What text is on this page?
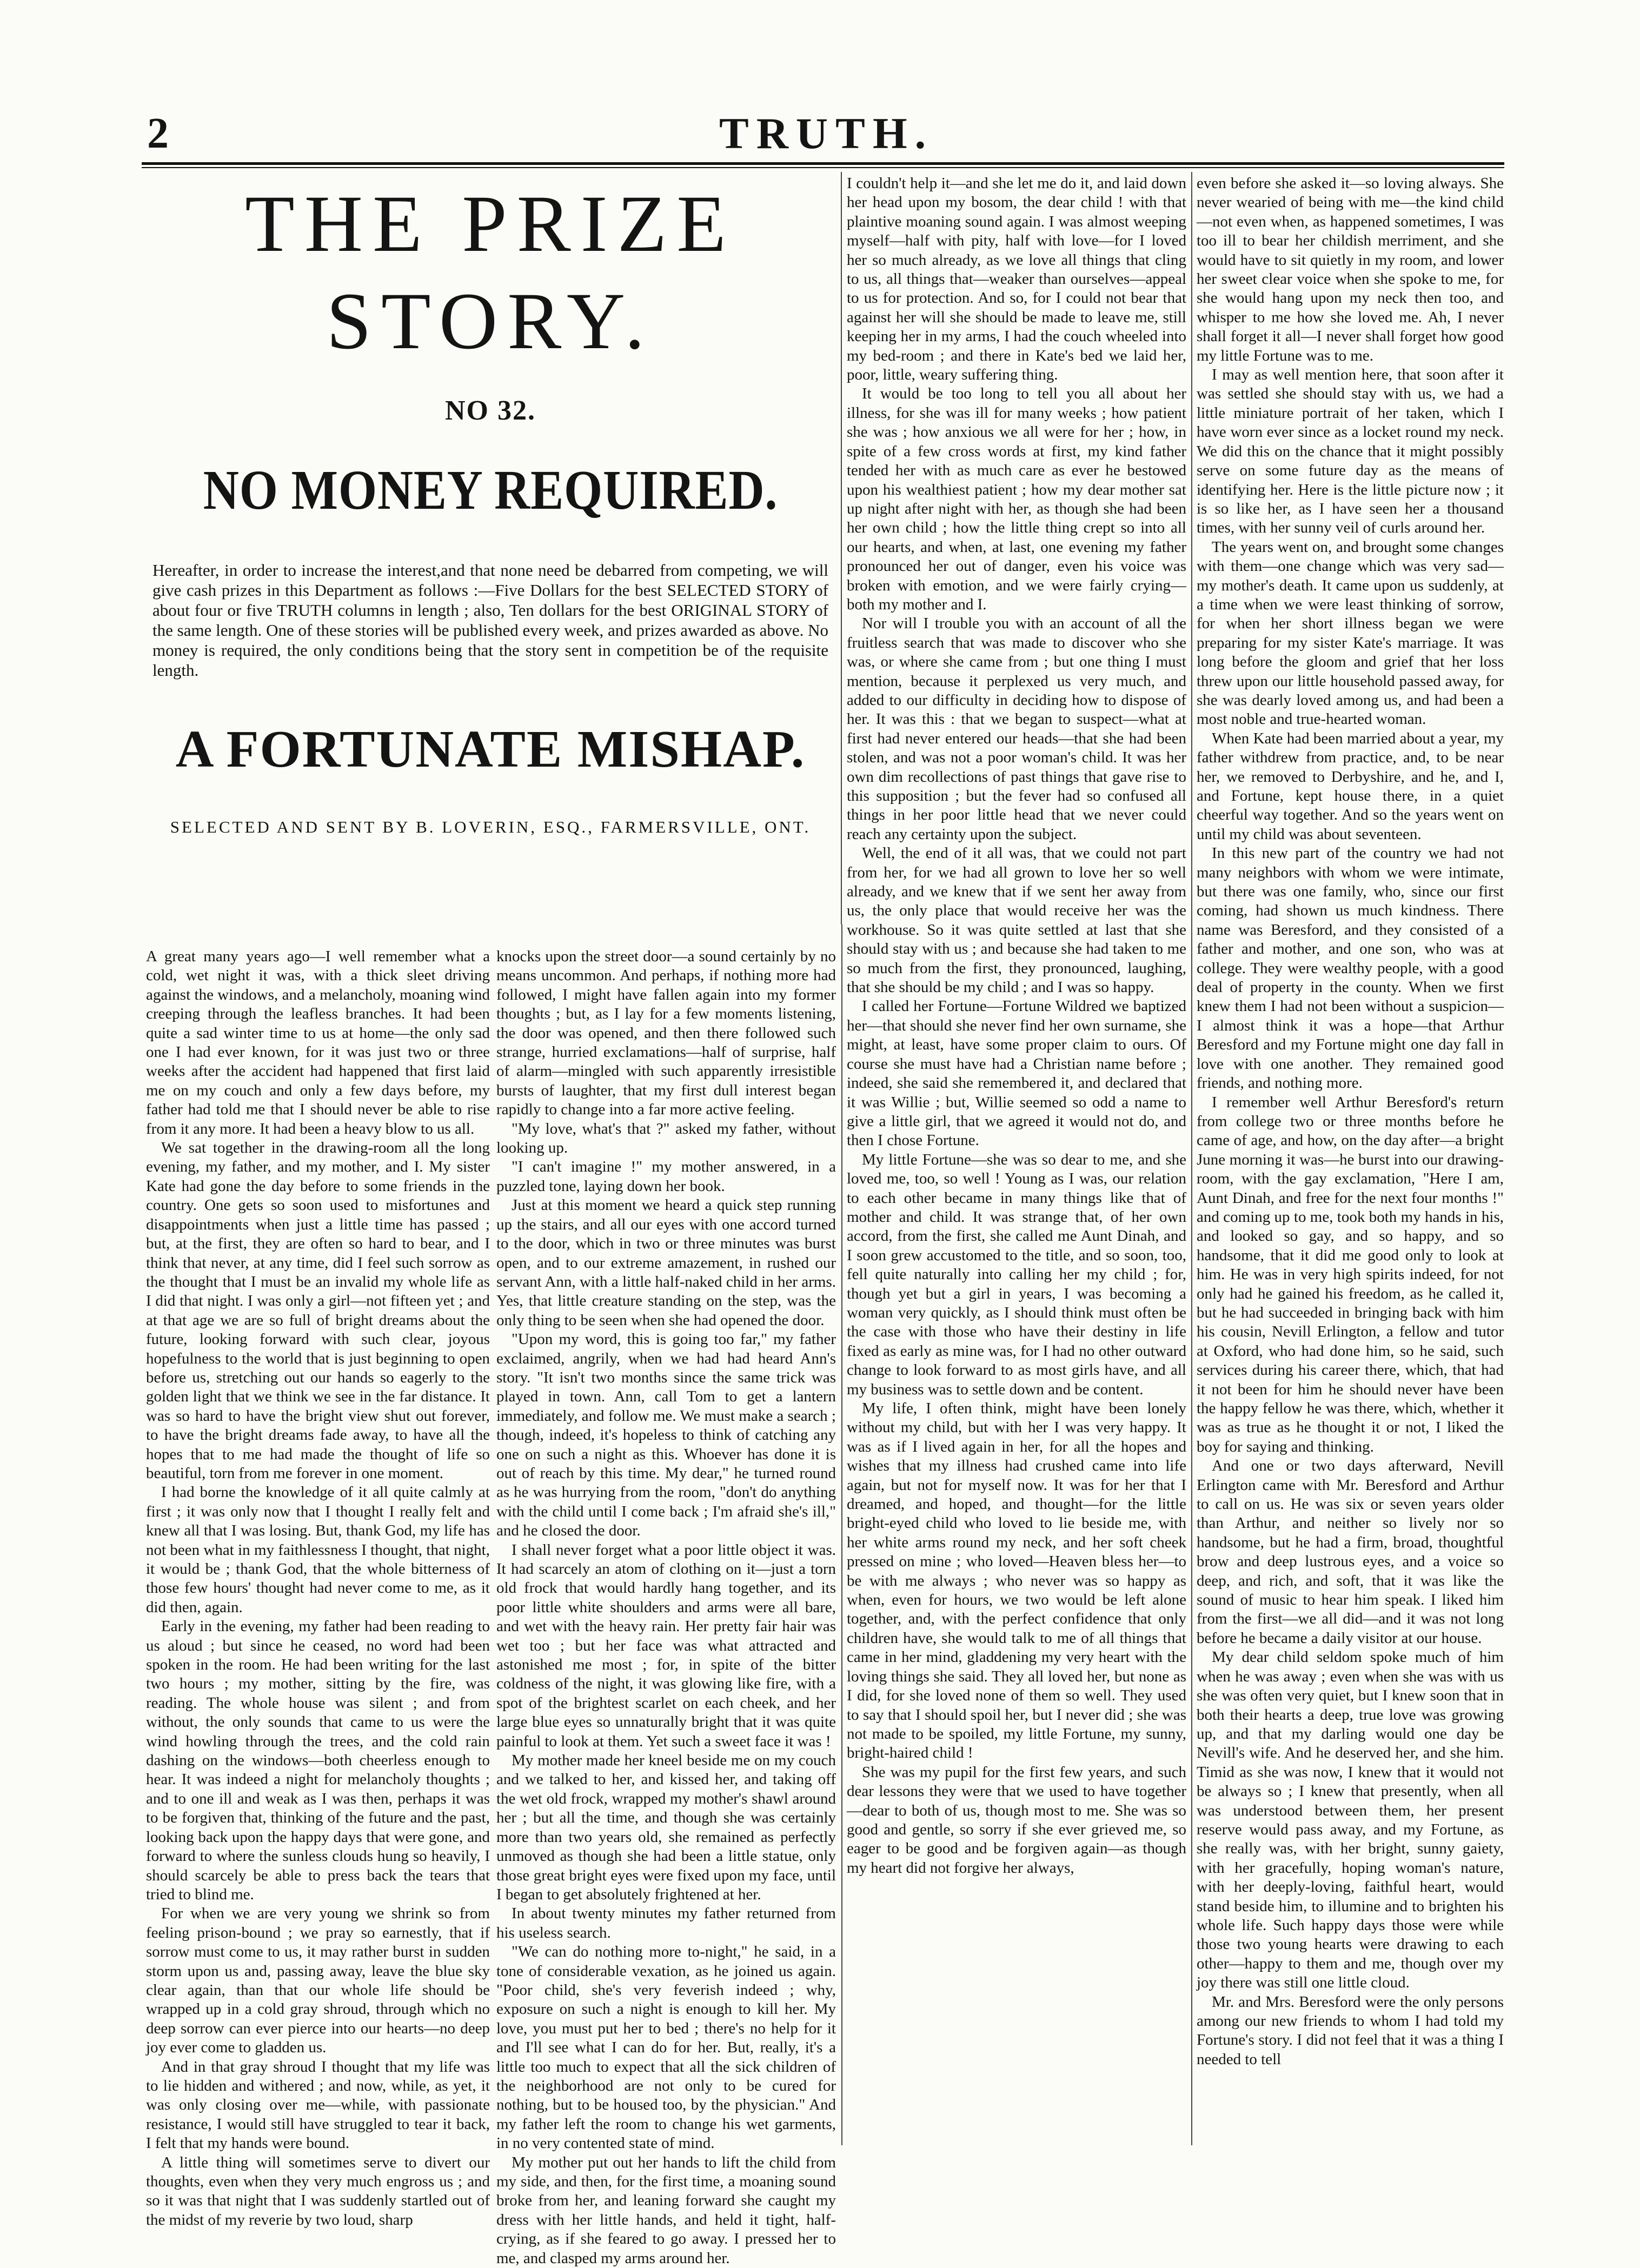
2	TRUTH.
THE PRIZE STORY.
NO 32.
NO MONEY REQUIRED.
Hereafter, in order to increase the interest,and that none need be debarred from competing, we will give cash prizes in this Department as follows :—Five Dollars for the best SELECTED STORY of about four or five TRUTH columns in length ; also, Ten dollars for the best ORIGINAL STORY of the same length. One of these stories will be published every week, and prizes awarded as above. No money is required, the only conditions being that the story sent in competition be of the requisite length.
A FORTUNATE MISHAP.
SELECTED AND SENT BY B. LOVERIN, ESQ., FARMERSVILLE, ONT.

A great many years ago—I well remember what a cold, wet night it was, with a thick sleet driving against the windows, and a melancholy, moaning wind creeping through the leafless branches. It had been quite a sad winter time to us at home—the only sad one I had ever known, for it was just two or three weeks after the accident had happened that first laid me on my couch and only a few days before, my father had told me that I should never be able to rise from it any more. It had been a heavy blow to us all.

We sat together in the drawing-room all the long evening, my father, and my mother, and I. My sister Kate had gone the day before to some friends in the country. One gets so soon used to misfortunes and disappointments when just a little time has passed ; but, at the first, they are often so hard to bear, and I think that never, at any time, did I feel such sorrow as the thought that I must be an invalid my whole life as I did that night. I was only a girl—not fifteen yet ; and at that age we are so full of bright dreams about the future, looking forward with such clear, joyous hopefulness to the world that is just beginning to open before us, stretching out our hands so eagerly to the golden light that we think we see in the far distance. It was so hard to have the bright view shut out forever, to have the bright dreams fade away, to have all the hopes that to me had made the thought of life so beautiful, torn from me forever in one moment.

I had borne the knowledge of it all quite calmly at first ; it was only now that I thought I really felt and knew all that I was losing. But, thank God, my life has not been what in my faithlessness I thought, that night, it would be ; thank God, that the whole bitterness of those few hours' thought had never come to me, as it did then, again.

Early in the evening, my father had been reading to us aloud ; but since he ceased, no word had been spoken in the room. He had been writing for the last two hours ; my mother, sitting by the fire, was reading. The whole house was silent ; and from without, the only sounds that came to us were the wind howling through the trees, and the cold rain dashing on the windows—both cheerless enough to hear. It was indeed a night for melancholy thoughts ; and to one ill and weak as I was then, perhaps it was to be forgiven that, thinking of the future and the past, looking back upon the happy days that were gone, and forward to where the sunless clouds hung so heavily, I should scarcely be able to press back the tears that tried to blind me.

For when we are very young we shrink so from feeling prison-bound ; we pray so earnestly, that if sorrow must come to us, it may rather burst in sudden storm upon us and, passing away, leave the blue sky clear again, than that our whole life should be wrapped up in a cold gray shroud, through which no deep sorrow can ever pierce into our hearts—no deep joy ever come to gladden us.

And in that gray shroud I thought that my life was to lie hidden and withered ; and now, while, as yet, it was only closing over me—while, with passionate resistance, I would still have struggled to tear it back, I felt that my hands were bound.

A little thing will sometimes serve to divert our thoughts, even when they very much engross us ; and so it was that night that I was suddenly startled out of the midst of my reverie by two loud, sharp

knocks upon the street door—a sound certainly by no means uncommon. And perhaps, if nothing more had followed, I might have fallen again into my former thoughts ; but, as I lay for a few moments listening, the door was opened, and then there followed such strange, hurried exclamations—half of surprise, half of alarm—mingled with such apparently irresistible bursts of laughter, that my first dull interest began rapidly to change into a far more active feeling.

"My love, what's that ?" asked my father, without looking up.

"I can't imagine !" my mother answered, in a puzzled tone, laying down her book.

Just at this moment we heard a quick step running up the stairs, and all our eyes with one accord turned to the door, which in two or three minutes was burst open, and to our extreme amazement, in rushed our servant Ann, with a little half-naked child in her arms. Yes, that little creature standing on the step, was the only thing to be seen when she had opened the door.

"Upon my word, this is going too far," my father exclaimed, angrily, when we had had heard Ann's story. "It isn't two months since the same trick was played in town. Ann, call Tom to get a lantern immediately, and follow me. We must make a search ; though, indeed, it's hopeless to think of catching any one on such a night as this. Whoever has done it is out of reach by this time. My dear," he turned round as he was hurrying from the room, "don't do anything with the child until I come back ; I'm afraid she's ill," and he closed the door.

I shall never forget what a poor little object it was. It had scarcely an atom of clothing on it—just a torn old frock that would hardly hang together, and its poor little white shoulders and arms were all bare, and wet with the heavy rain. Her pretty fair hair was wet too ; but her face was what attracted and astonished me most ; for, in spite of the bitter coldness of the night, it was glowing like fire, with a spot of the brightest scarlet on each cheek, and her large blue eyes so unnaturally bright that it was quite painful to look at them. Yet such a sweet face it was !

My mother made her kneel beside me on my couch and we talked to her, and kissed her, and taking off the wet old frock, wrapped my mother's shawl around her ; but all the time, and though she was certainly more than two years old, she remained as perfectly unmoved as though she had been a little statue, only those great bright eyes were fixed upon my face, until I began to get absolutely frightened at her.

In about twenty minutes my father returned from his useless search.

"We can do nothing more to-night," he said, in a tone of considerable vexation, as he joined us again. "Poor child, she's very feverish indeed ; why, exposure on such a night is enough to kill her. My love, you must put her to bed ; there's no help for it and I'll see what I can do for her. But, really, it's a little too much to expect that all the sick children of the neighborhood are not only to be cured for nothing, but to be housed too, by the physician." And my father left the room to change his wet garments, in no very contented state of mind.

My mother put out her hands to lift the child from my side, and then, for the first time, a moaning sound broke from her, and leaning forward she caught my dress with her little hands, and held it tight, half-crying, as if she feared to go away. I pressed her to me, and clasped my arms around her.

I couldn't help it—and she let me do it, and laid down her head upon my bosom, the dear child ! with that plaintive moaning sound again. I was almost weeping myself—half with pity, half with love—for I loved her so much already, as we love all things that cling to us, all things that—weaker than ourselves—appeal to us for protection. And so, for I could not bear that against her will she should be made to leave me, still keeping her in my arms, I had the couch wheeled into my bed-room ; and there in Kate's bed we laid her, poor, little, weary suffering thing.

It would be too long to tell you all about her illness, for she was ill for many weeks ; how patient she was ; how anxious we all were for her ; how, in spite of a few cross words at first, my kind father tended her with as much care as ever he bestowed upon his wealthiest patient ; how my dear mother sat up night after night with her, as though she had been her own child ; how the little thing crept so into all our hearts, and when, at last, one evening my father pronounced her out of danger, even his voice was broken with emotion, and we were fairly crying—both my mother and I.

Nor will I trouble you with an account of all the fruitless search that was made to discover who she was, or where she came from ; but one thing I must mention, because it perplexed us very much, and added to our difficulty in deciding how to dispose of her. It was this : that we began to suspect—what at first had never entered our heads—that she had been stolen, and was not a poor woman's child. It was her own dim recollections of past things that gave rise to this supposition ; but the fever had so confused all things in her poor little head that we never could reach any certainty upon the subject.

Well, the end of it all was, that we could not part from her, for we had all grown to love her so well already, and we knew that if we sent her away from us, the only place that would receive her was the workhouse. So it was quite settled at last that she should stay with us ; and because she had taken to me so much from the first, they pronounced, laughing, that she should be my child ; and I was so happy.

I called her Fortune—Fortune Wildred we baptized her—that should she never find her own surname, she might, at least, have some proper claim to ours. Of course she must have had a Christian name before ; indeed, she said she remembered it, and declared that it was Willie ; but, Willie seemed so odd a name to give a little girl, that we agreed it would not do, and then I chose Fortune.

My little Fortune—she was so dear to me, and she loved me, too, so well ! Young as I was, our relation to each other became in many things like that of mother and child. It was strange that, of her own accord, from the first, she called me Aunt Dinah, and I soon grew accustomed to the title, and so soon, too, fell quite naturally into calling her my child ; for, though yet but a girl in years, I was becoming a woman very quickly, as I should think must often be the case with those who have their destiny in life fixed as early as mine was, for I had no other outward change to look forward to as most girls have, and all my business was to settle down and be content.

My life, I often think, might have been lonely without my child, but with her I was very happy. It was as if I lived again in her, for all the hopes and wishes that my illness had crushed came into life again, but not for myself now. It was for her that I dreamed, and hoped, and thought—for the little bright-eyed child who loved to lie beside me, with her white arms round my neck, and her soft cheek pressed on mine ; who loved—Heaven bless her—to be with me always ; who never was so happy as when, even for hours, we two would be left alone together, and, with the perfect confidence that only children have, she would talk to me of all things that came in her mind, gladdening my very heart with the loving things she said. They all loved her, but none as I did, for she loved none of them so well. They used to say that I should spoil her, but I never did ; she was not made to be spoiled, my little Fortune, my sunny, bright-haired child !

She was my pupil for the first few years, and such dear lessons they were that we used to have together—dear to both of us, though most to me. She was so good and gentle, so sorry if she ever grieved me, so eager to be good and be forgiven again—as though my heart did not forgive her always,

even before she asked it—so loving always. She never wearied of being with me—the kind child—not even when, as happened sometimes, I was too ill to bear her childish merriment, and she would have to sit quietly in my room, and lower her sweet clear voice when she spoke to me, for she would hang upon my neck then too, and whisper to me how she loved me. Ah, I never shall forget it all—I never shall forget how good my little Fortune was to me.

I may as well mention here, that soon after it was settled she should stay with us, we had a little miniature portrait of her taken, which I have worn ever since as a locket round my neck. We did this on the chance that it might possibly serve on some future day as the means of identifying her. Here is the little picture now ; it is so like her, as I have seen her a thousand times, with her sunny veil of curls around her.

The years went on, and brought some changes with them—one change which was very sad—my mother's death. It came upon us suddenly, at a time when we were least thinking of sorrow, for when her short illness began we were preparing for my sister Kate's marriage. It was long before the gloom and grief that her loss threw upon our little household passed away, for she was dearly loved among us, and had been a most noble and true-hearted woman.

When Kate had been married about a year, my father withdrew from practice, and, to be near her, we removed to Derbyshire, and he, and I, and Fortune, kept house there, in a quiet cheerful way together. And so the years went on until my child was about seventeen.

In this new part of the country we had not many neighbors with whom we were intimate, but there was one family, who, since our first coming, had shown us much kindness. There name was Beresford, and they consisted of a father and mother, and one son, who was at college. They were wealthy people, with a good deal of property in the county. When we first knew them I had not been without a suspicion—I almost think it was a hope—that Arthur Beresford and my Fortune might one day fall in love with one another. They remained good friends, and nothing more.

I remember well Arthur Beresford's return from college two or three months before he came of age, and how, on the day after—a bright June morning it was—he burst into our drawing-room, with the gay exclamation, "Here I am, Aunt Dinah, and free for the next four months !" and coming up to me, took both my hands in his, and looked so gay, and so happy, and so handsome, that it did me good only to look at him. He was in very high spirits indeed, for not only had he gained his freedom, as he called it, but he had succeeded in bringing back with him his cousin, Nevill Erlington, a fellow and tutor at Oxford, who had done him, so he said, such services during his career there, which, that had it not been for him he should never have been the happy fellow he was there, which, whether it was as true as he thought it or not, I liked the boy for saying and thinking.

And one or two days afterward, Nevill Erlington came with Mr. Beresford and Arthur to call on us. He was six or seven years older than Arthur, and neither so lively nor so handsome, but he had a firm, broad, thoughtful brow and deep lustrous eyes, and a voice so deep, and rich, and soft, that it was like the sound of music to hear him speak. I liked him from the first—we all did—and it was not long before he became a daily visitor at our house.

My dear child seldom spoke much of him when he was away ; even when she was with us she was often very quiet, but I knew soon that in both their hearts a deep, true love was growing up, and that my darling would one day be Nevill's wife. And he deserved her, and she him. Timid as she was now, I knew that it would not be always so ; I knew that presently, when all was understood between them, her present reserve would pass away, and my Fortune, as she really was, with her bright, sunny gaiety, with her gracefully, hoping woman's nature, with her deeply-loving, faithful heart, would stand beside him, to illumine and to brighten his whole life. Such happy days those were while those two young hearts were drawing to each other—happy to them and me, though over my joy there was still one little cloud.

Mr. and Mrs. Beresford were the only persons among our new friends to whom I had told my Fortune's story. I did not feel that it was a thing I needed to tell
